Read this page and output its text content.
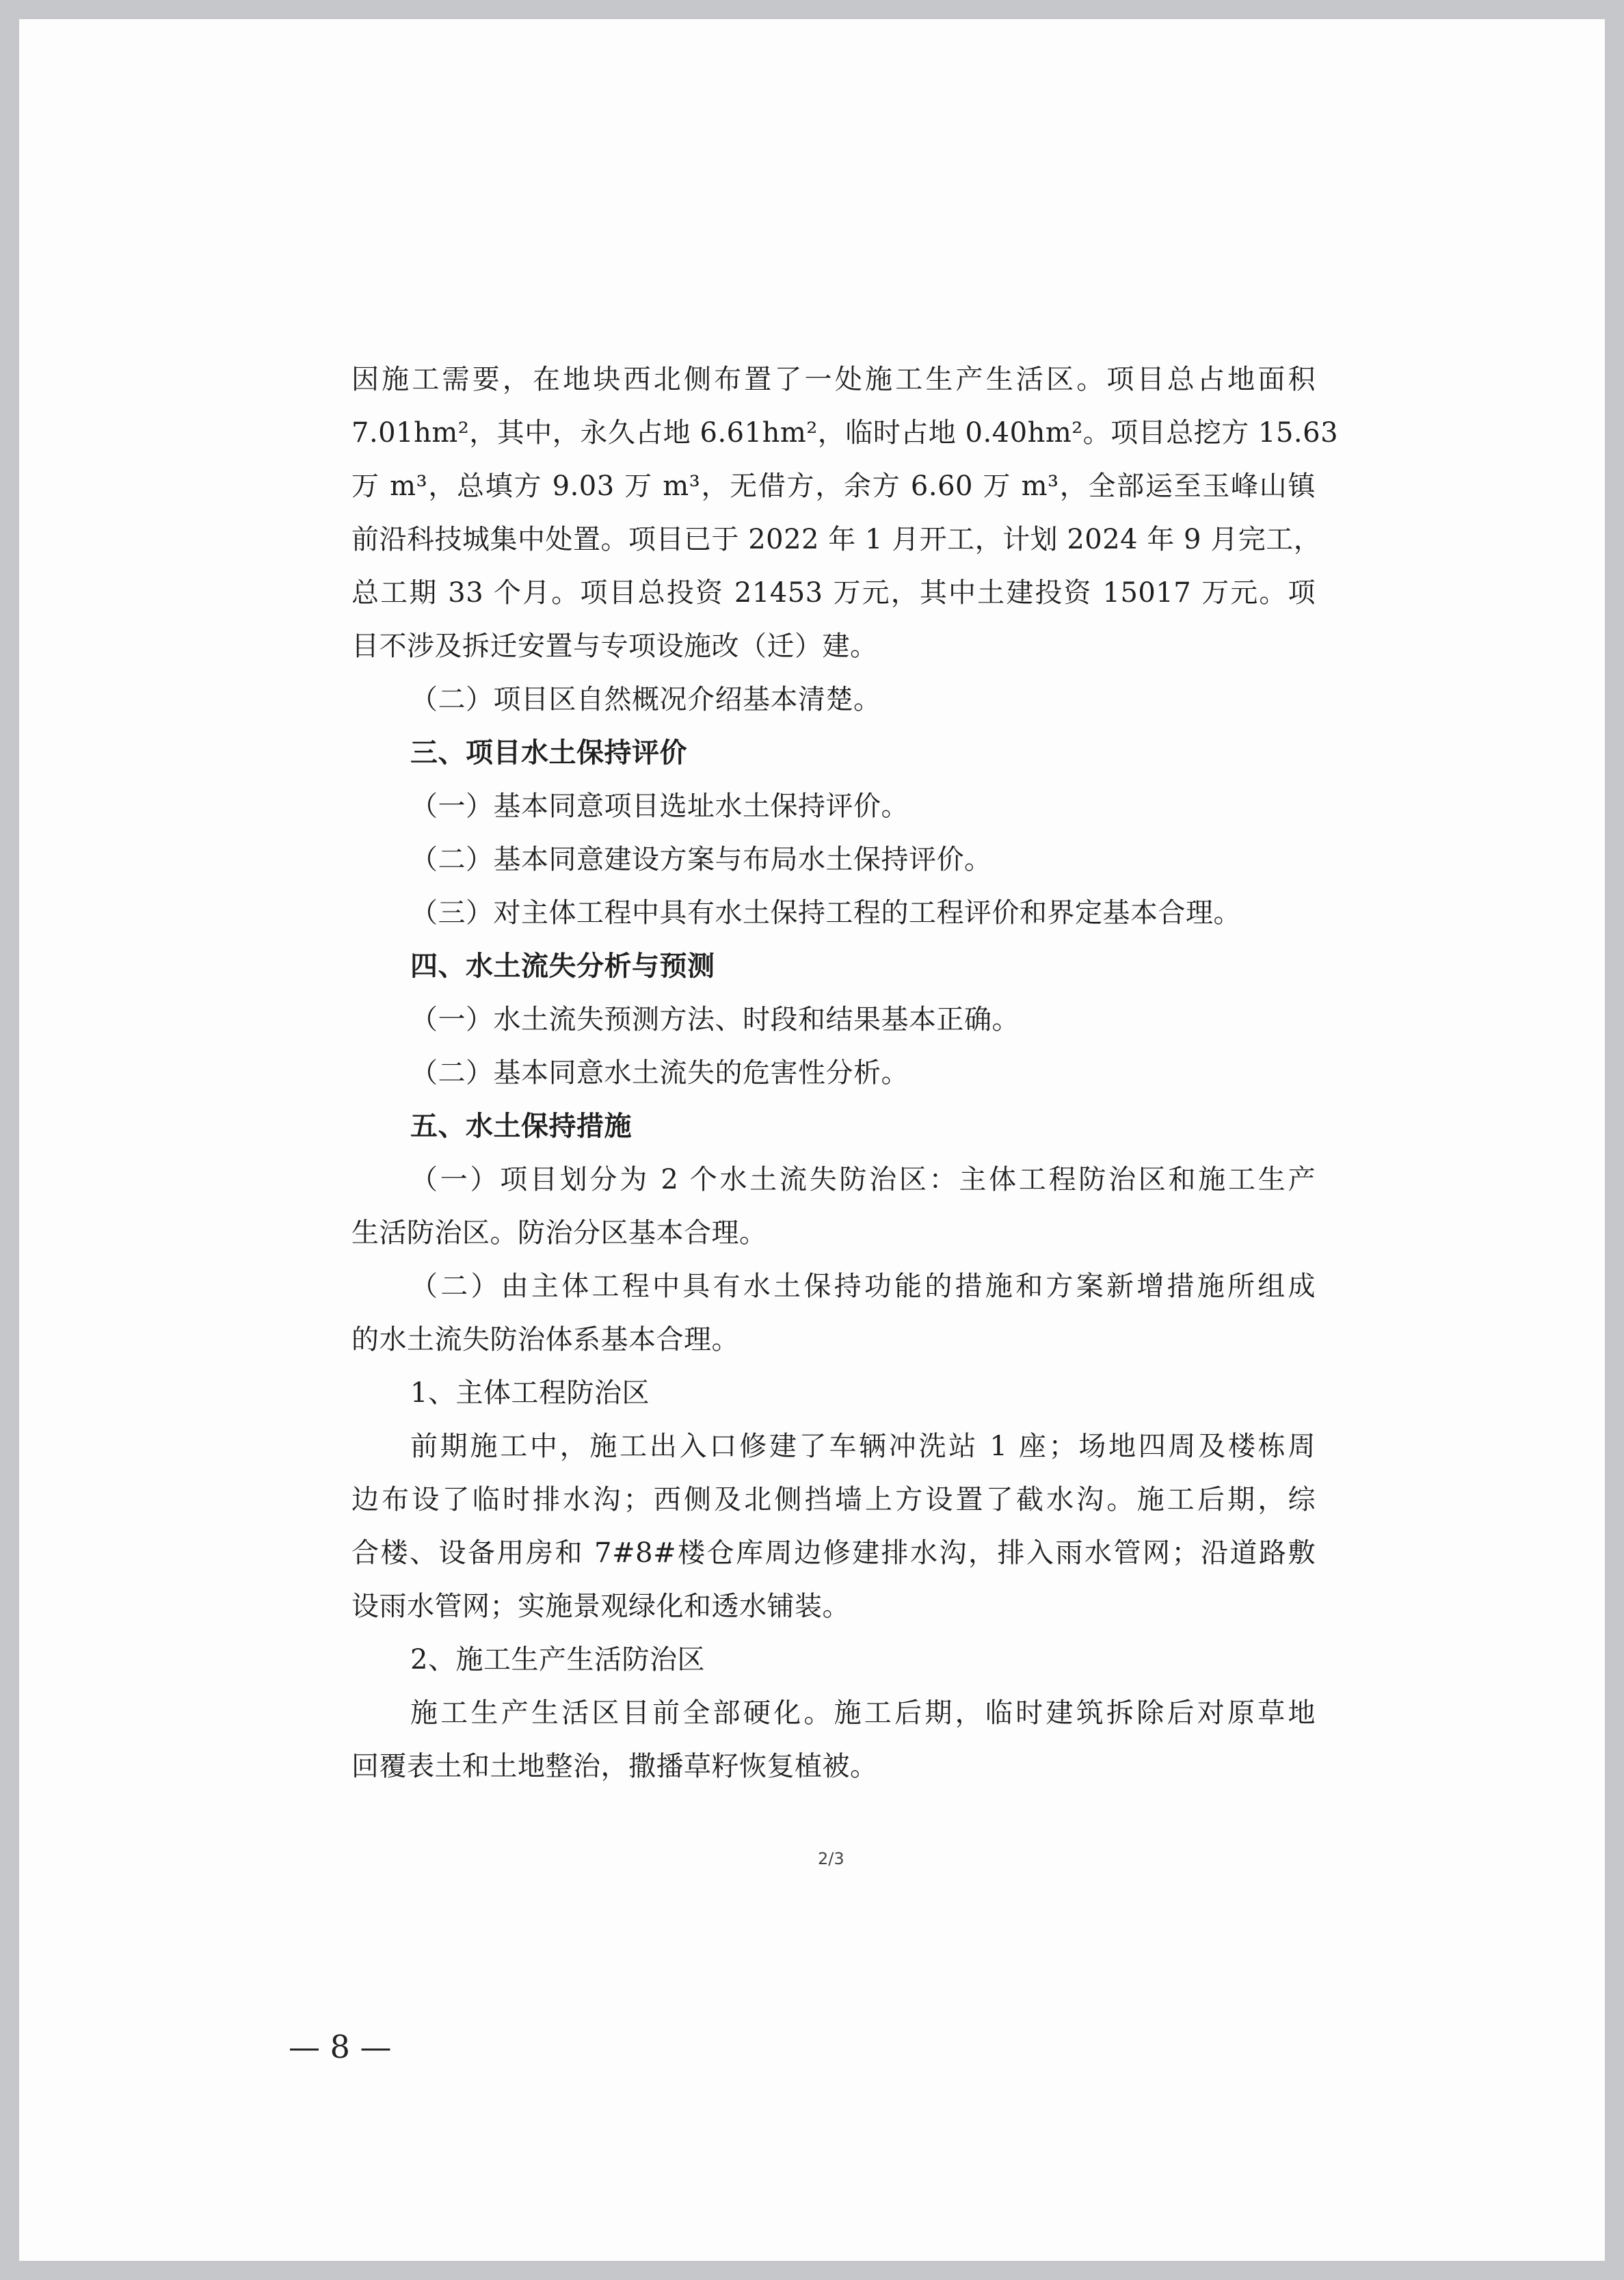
因施工需要，在地块西北侧布置了一处施工生产生活区。项目总占地面积
7.01hm²，其中，永久占地 6.61hm²，临时占地 0.40hm²。项目总挖方 15.63
万 m³，总填方 9.03 万 m³，无借方，余方 6.60 万 m³，全部运至玉峰山镇
前沿科技城集中处置。项目已于 2022 年 1 月开工，计划 2024 年 9 月完工，
总工期 33 个月。项目总投资 21453 万元，其中土建投资 15017 万元。项
目不涉及拆迁安置与专项设施改（迁）建。
（二）项目区自然概况介绍基本清楚。
三、项目水土保持评价
（一）基本同意项目选址水土保持评价。
（二）基本同意建设方案与布局水土保持评价。
（三）对主体工程中具有水土保持工程的工程评价和界定基本合理。
四、水土流失分析与预测
（一）水土流失预测方法、时段和结果基本正确。
（二）基本同意水土流失的危害性分析。
五、水土保持措施
（一）项目划分为 2 个水土流失防治区：主体工程防治区和施工生产
生活防治区。防治分区基本合理。
（二）由主体工程中具有水土保持功能的措施和方案新增措施所组成
的水土流失防治体系基本合理。
1、主体工程防治区
前期施工中，施工出入口修建了车辆冲洗站 1 座；场地四周及楼栋周
边布设了临时排水沟；西侧及北侧挡墙上方设置了截水沟。施工后期，综
合楼、设备用房和 7#8#楼仓库周边修建排水沟，排入雨水管网；沿道路敷
设雨水管网；实施景观绿化和透水铺装。
2、施工生产生活防治区
施工生产生活区目前全部硬化。施工后期，临时建筑拆除后对原草地
回覆表土和土地整治，撒播草籽恢复植被。
2/3
— 8 —
